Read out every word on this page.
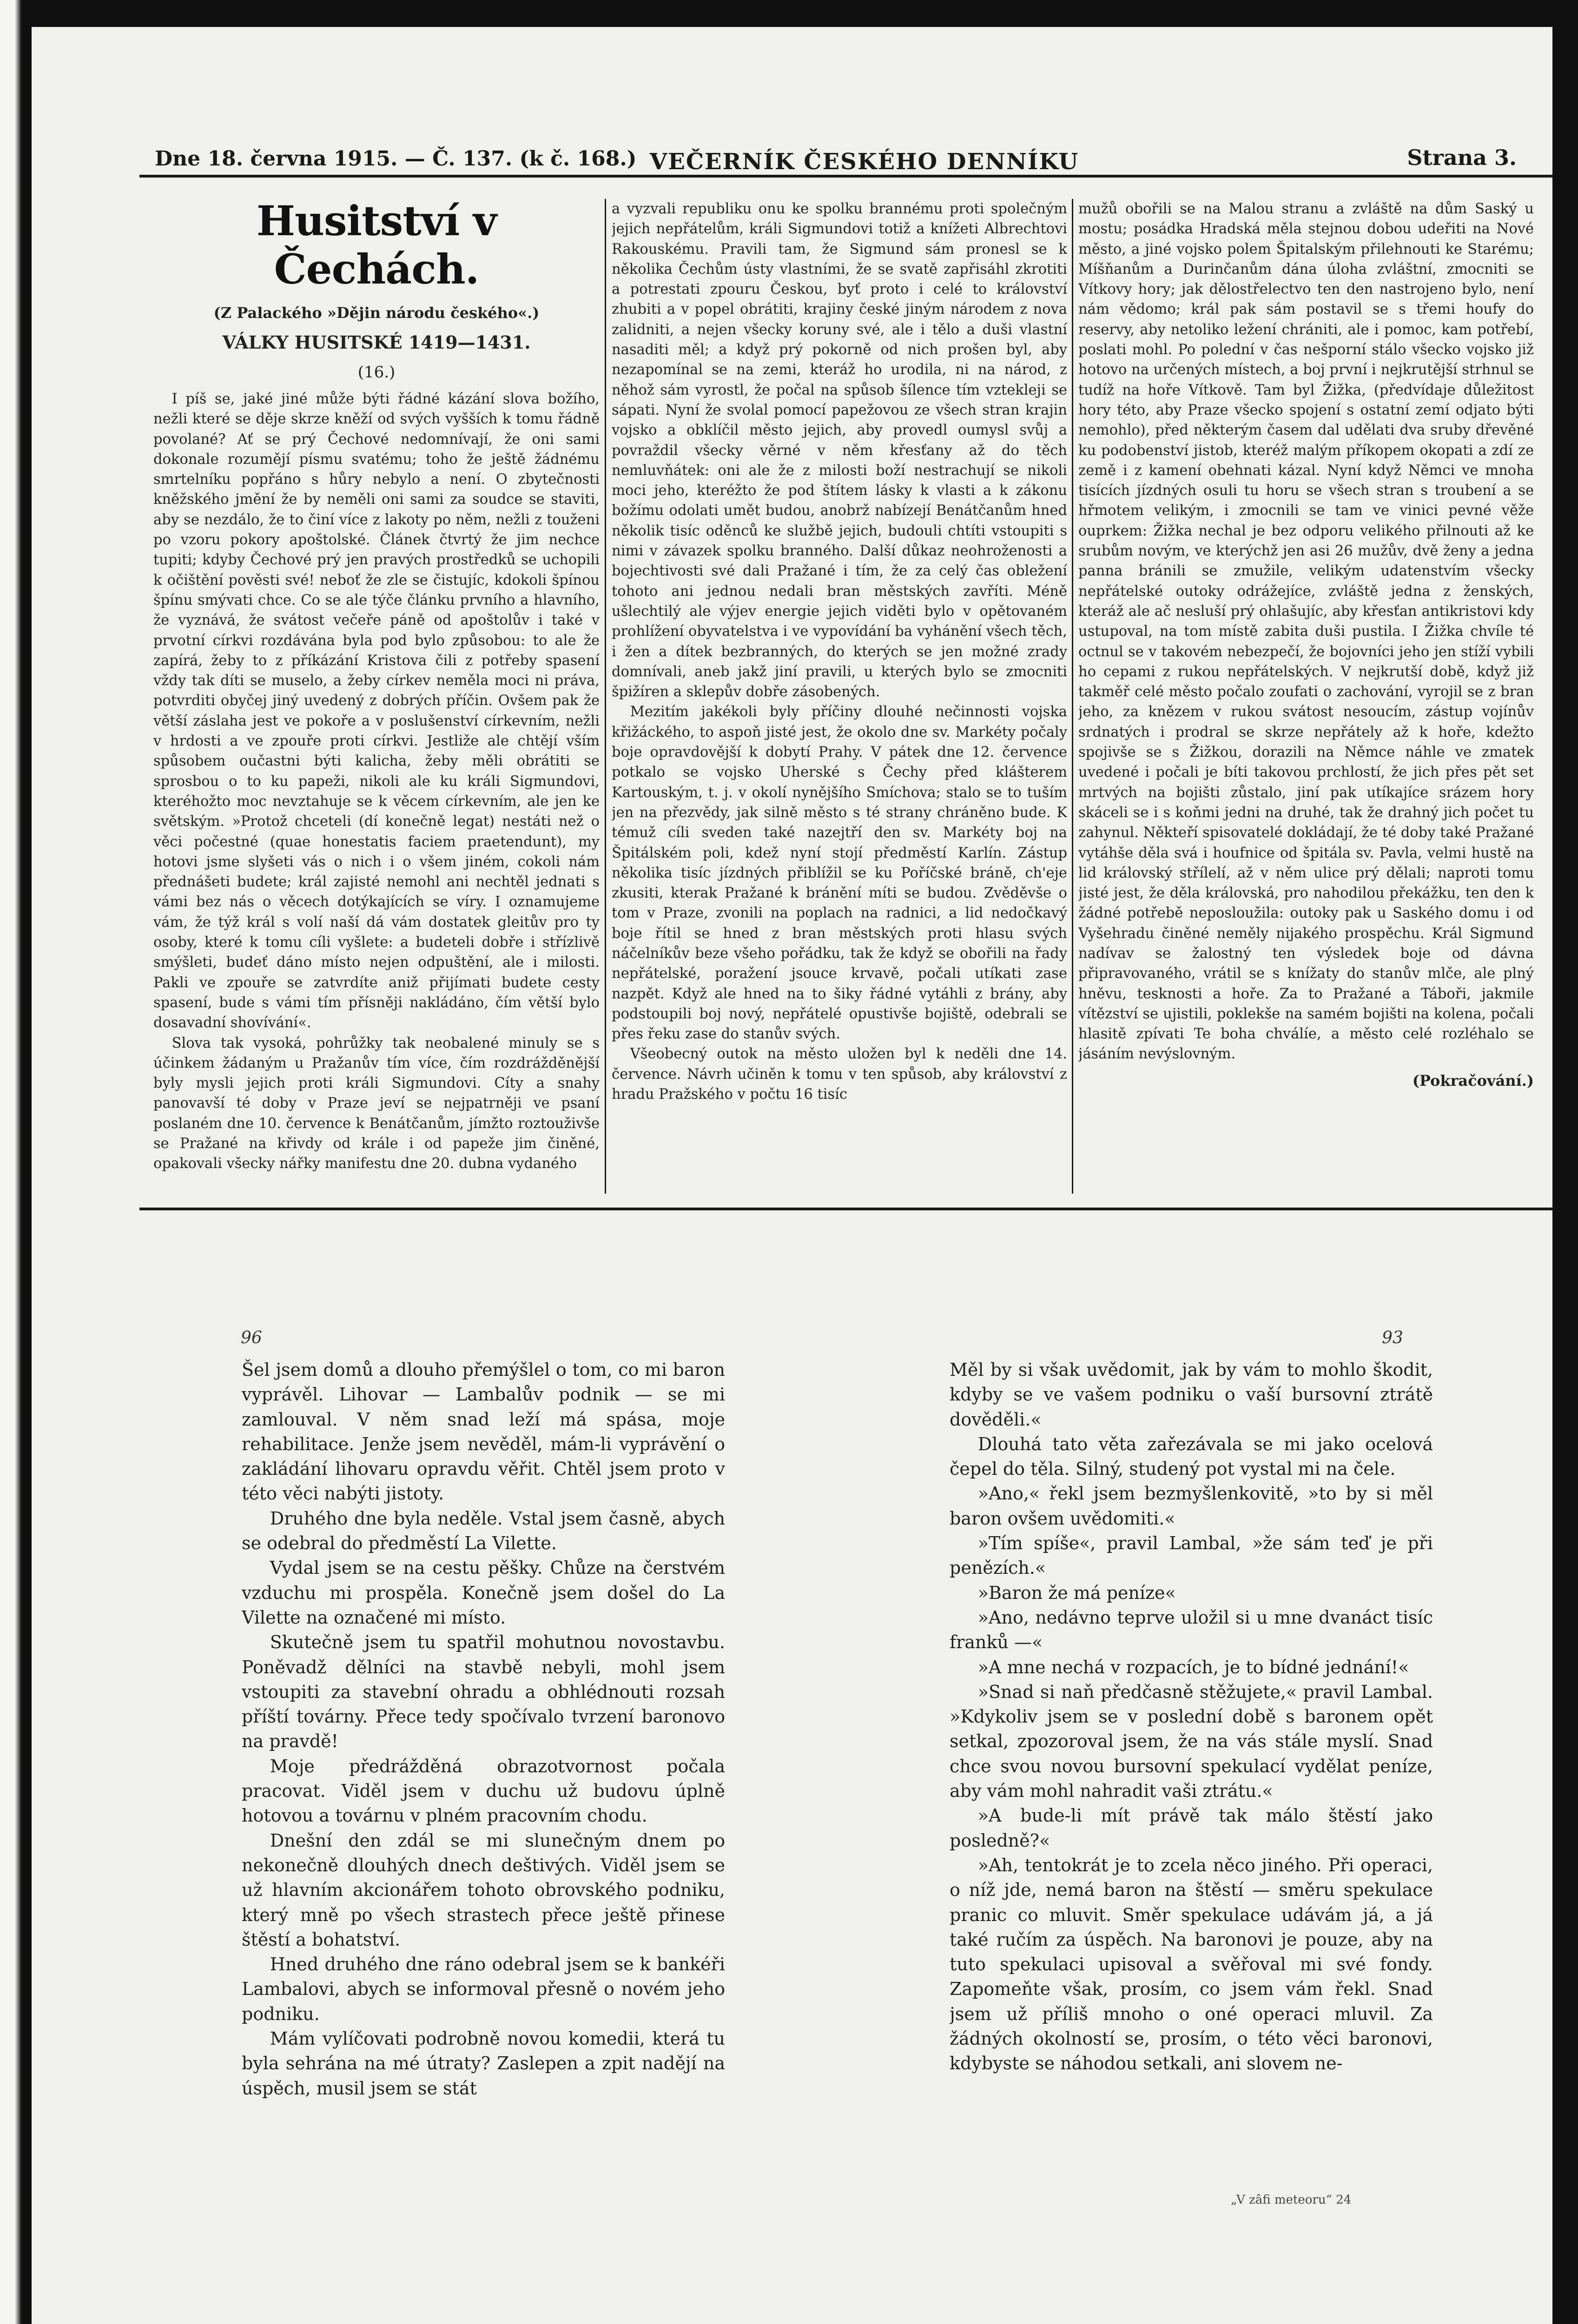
Dne 18. června 1915. — Č. 137. (k č. 168.) VEČERNÍK ČESKÉHO DENNÍKU	Strana 3.
Husitství v Čechách.
(Z Palackého »Dějin národu českého«.)
VÁLKY HUSITSKÉ 1419—1431.
(16.)

I píš se, jaké jiné může býti řádné kázání slova božího, nežli které se děje skrze kněží od svých vyšších k tomu řádně povolané? Ať se prý Čechové nedomnívají, že oni sami dokonale rozumějí písmu svatému; toho že ještě žádnému smrtelníku popřáno s hůry nebylo a není. O zbytečnosti kněžského jmění že by neměli oni sami za soudce se staviti, aby se nezdálo, že to činí více z lakoty po něm, nežli z touženi po vzoru pokory apoštolské. Článek čtvrtý že jim nechce tupiti; kdyby Čechové prý jen pravých prostředků se uchopili k očištění pověsti své! neboť že zle se čistujíc, kdokoli špínou špínu smývati chce. Co se ale týče článku prvního a hlavního, že vyznává, že svátost večeře páně od apoštolův i také v prvotní církvi rozdávána byla pod bylo způsobou: to ale že zapírá, žeby to z příkázání Kristova čili z potřeby spasení vždy tak díti se muselo, a žeby církev neměla moci ni práva, potvrditi obyčej jiný uvedený z dobrých příčin. Ovšem pak že větší záslaha jest ve pokoře a v poslušenství církevním, nežli v hrdosti a ve zpouře proti církvi. Jestliže ale chtějí vším spůsobem oučastni býti kalicha, žeby měli obrátiti se sprosbou o to ku papeži, nikoli ale ku králi Sigmundovi, kteréhožto moc nevztahuje se k věcem církevním, ale jen ke světským. »Protož chceteli (dí konečně legat) nestáti než o věci počestné (quae honestatis faciem praetendunt), my hotovi jsme slyšeti vás o nich i o všem jiném, cokoli nám přednášeti budete; král zajisté nemohl ani nechtěl jednati s vámi bez nás o věcech dotýkajících se víry. I oznamujeme vám, že týž král s volí naší dá vám dostatek gleitův pro ty osoby, které k tomu cíli vyšlete: a budeteli dobře i střízlivě smýšleti, budeť dáno místo nejen odpuštění, ale i milosti. Pakli ve zpouře se zatvrdíte aniž přijímati budete cesty spasení, bude s vámi tím přísněji nakládáno, čím větší bylo dosavadní shovívání«.

Slova tak vysoká, pohrůžky tak neobalené minuly se s účinkem žádaným u Pražanův tím více, čím rozdrážděnější byly mysli jejich proti králi Sigmundovi. Cíty a snahy panovavší té doby v Praze jeví se nejpatrněji ve psaní poslaném dne 10. července k Benátčanům, jímžto roztouživše se Pražané na křivdy od krále i od papeže jim činěné, opakovali všecky nářky manifestu dne 20. dubna vydaného

a vyzvali republiku onu ke spolku brannému proti společným jejich nepřátelům, králi Sigmundovi totiž a knížeti Albrechtovi Rakouskému. Pravili tam, že Sigmund sám pronesl se k několika Čechům ústy vlastními, že se svatě zapřisáhl zkrotiti a potrestati zpouru Českou, byť proto i celé to království zhubiti a v popel obrátiti, krajiny české jiným národem z nova zalidniti, a nejen všecky koruny své, ale i tělo a duši vlastní nasaditi měl; a když prý pokorně od nich prošen byl, aby nezapomínal se na zemi, kteráž ho urodila, ni na národ, z něhož sám vyrostl, že počal na spůsob šílence tím vztekleji se sápati. Nyní že svolal pomocí papežovou ze všech stran krajin vojsko a obklíčil město jejich, aby provedl oumysl svůj a povraždil všecky věrné v něm křesťany až do těch nemluvňátek: oni ale že z milosti boží nestrachují se nikoli moci jeho, kteréžto že pod štítem lásky k vlasti a k zákonu božímu odolati umět budou, anobrž nabízejí Benátčanům hned několik tisíc oděnců ke službě jejich, budouli chtíti vstoupiti s nimi v závazek spolku branného. Další důkaz neohroženosti a bojechtivosti své dali Pražané i tím, že za celý čas obležení tohoto ani jednou nedali bran městských zavříti. Méně ušlechtilý ale výjev energie jejich viděti bylo v opětovaném prohlížení obyvatelstva i ve vypovídání ba vyhánění všech těch, i žen a dítek bezbranných, do kterých se jen možné zrady domnívali, aneb jakž jiní pravili, u kterých bylo se zmocniti špižíren a sklepův dobře zásobených.

Mezitím jakékoli byly příčiny dlouhé nečinnosti vojska křižáckého, to aspoň jisté jest, že okolo dne sv. Markéty počaly boje opravdovější k dobytí Prahy. V pátek dne 12. července potkalo se vojsko Uherské s Čechy před klášterem Kartouským, t. j. v okolí nynějšího Smíchova; stalo se to tuším jen na přezvědy, jak silně město s té strany chráněno bude. K témuž cíli sveden také nazejtří den sv. Markéty boj na Špitálském poli, kdež nyní stojí předměstí Karlín. Zástup několika tisíc jízdných přiblížil se ku Poříčské bráně, ch'eje zkusiti, kterak Pražané k bránění míti se budou. Zvěděvše o tom v Praze, zvonili na poplach na radnici, a lid nedočkavý boje řítil se hned z bran městských proti hlasu svých náčelníkův beze všeho pořádku, tak že když se obořili na řady nepřátelské, poražení jsouce krvavě, počali utíkati zase nazpět. Když ale hned na to šiky řádné vytáhli z brány, aby podstoupili boj nový, nepřátelé opustivše bojiště, odebrali se přes řeku zase do stanův svých.

Všeobecný outok na město uložen byl k neděli dne 14. července. Návrh učiněn k tomu v ten spůsob, aby království z hradu Pražského v počtu 16 tisíc

mužů obořili se na Malou stranu a zvláště na dům Saský u mostu; posádka Hradská měla stejnou dobou udeřiti na Nové město, a jiné vojsko polem Špitalským přilehnouti ke Starému; Míšňanům a Durinčanům dána úloha zvláštní, zmocniti se Vítkovy hory; jak dělostřelectvo ten den nastrojeno bylo, není nám vědomo; král pak sám postavil se s třemi houfy do reservy, aby netoliko ležení chrániti, ale i pomoc, kam potřebí, poslati mohl. Po polední v čas nešporní stálo všecko vojsko již hotovo na určených místech, a boj první i nejkrutější strhnul se tudíž na hoře Vítkově. Tam byl Žižka, (předvídaje důležitost hory této, aby Praze všecko spojení s ostatní zemí odjato býti nemohlo), před některým časem dal udělati dva sruby dřevěné ku podobenství jistob, kteréž malým příkopem okopati a zdí ze země i z kamení obehnati kázal. Nyní když Němci ve mnoha tisících jízdných osuli tu horu se všech stran s troubení a se hřmotem velikým, i zmocnili se tam ve vinici pevné věže ouprkem: Žižka nechal je bez odporu velikého přilnouti až ke srubům novým, ve kterýchž jen asi 26 mužův, dvě ženy a jedna panna bránili se zmužile, velikým udatenstvím všecky nepřátelské outoky odrážejíce, zvláště jedna z ženských, kteráž ale ač nesluší prý ohlašujíc, aby křesťan antikristovi kdy ustupoval, na tom místě zabita duši pustila. I Žižka chvíle té octnul se v takovém nebezpečí, že bojovníci jeho jen stíží vybili ho cepami z rukou nepřátelských. V nejkrutší době, když již takměř celé město počalo zoufati o zachování, vyrojil se z bran jeho, za knězem v rukou svátost nesoucím, zástup vojínův srdnatých i prodral se skrze nepřátely až k hoře, kdežto spojivše se s Žižkou, dorazili na Němce náhle ve zmatek uvedené i počali je bíti takovou prchlostí, že jich přes pět set mrtvých na bojišti zůstalo, jiní pak utíkajíce srázem hory skáceli se i s koňmi jedni na druhé, tak že drahný jich počet tu zahynul. Někteří spisovatelé dokládají, že té doby také Pražané vytáhše děla svá i houfnice od špitála sv. Pavla, velmi hustě na lid královský střílelí, až v něm ulice prý dělali; naproti tomu jisté jest, že děla královská, pro nahodilou překážku, ten den k žádné potřebě neposloužila: outoky pak u Saského domu i od Vyšehradu činěné neměly nijakého prospěchu. Král Sigmund nadívav se žalostný ten výsledek boje od dávna připravovaného, vrátil se s knížaty do stanův mlče, ale plný hněvu, tesknosti a hoře. Za to Pražané a Táboři, jakmile vítězství se ujistili, poklekše na samém bojišti na kolena, počali hlasitě zpívati Te boha chválíe, a město celé rozléhalo se jásáním nevýslovným.

(Pokračování.)
96	93

Šel jsem domů a dlouho přemýšlel o tom, co mi baron vyprávěl. Lihovar — Lambalův podnik — se mi zamlouval. V něm snad leží má spása, moje rehabilitace. Jenže jsem nevěděl, mám-li vyprávění o zakládání lihovaru opravdu věřit. Chtěl jsem proto v této věci nabýti jistoty.

Druhého dne byla neděle. Vstal jsem časně, abych se odebral do předměstí La Vilette.

Vydal jsem se na cestu pěšky. Chůze na čerstvém vzduchu mi prospěla. Konečně jsem došel do La Vilette na označené mi místo.

Skutečně jsem tu spatřil mohutnou novostavbu. Poněvadž dělníci na stavbě nebyli, mohl jsem vstoupiti za stavební ohradu a obhlédnouti rozsah příští továrny. Přece tedy spočívalo tvrzení baronovo na pravdě!

Moje předrážděná obrazotvornost počala pracovat. Viděl jsem v duchu už budovu úplně hotovou a továrnu v plném pracovním chodu.

Dnešní den zdál se mi slunečným dnem po nekonečně dlouhých dnech deštivých. Viděl jsem se už hlavním akcionářem tohoto obrovského podniku, který mně po všech strastech přece ještě přinese štěstí a bohatství.

Hned druhého dne ráno odebral jsem se k bankéři Lambalovi, abych se informoval přesně o novém jeho podniku.

Mám vylíčovati podrobně novou komedii, která tu byla sehrána na mé útraty? Zaslepen a zpit nadějí na úspěch, musil jsem se stát

Měl by si však uvědomit, jak by vám to mohlo škodit, kdyby se ve vašem podniku o vaší bursovní ztrátě dověděli.«

Dlouhá tato věta zařezávala se mi jako ocelová čepel do těla. Silný, studený pot vystal mi na čele.

»Ano,« řekl jsem bezmyšlenkovitě, »to by si měl baron ovšem uvědomiti.«

»Tím spíše«, pravil Lambal, »že sám teď je při penězích.«

»Baron že má peníze«

»Ano, nedávno teprve uložil si u mne dvanáct tisíc franků —«

»A mne nechá v rozpacích, je to bídné jednání!«

»Snad si naň předčasně stěžujete,« pravil Lambal. »Kdykoliv jsem se v poslední době s baronem opět setkal, zpozoroval jsem, že na vás stále myslí. Snad chce svou novou bursovní spekulací vydělat peníze, aby vám mohl nahradit vaši ztrátu.«

»A bude-li mít právě tak málo štěstí jako posledně?«

»Ah, tentokrát je to zcela něco jiného. Při operaci, o níž jde, nemá baron na štěstí — směru spekulace pranic co mluvit. Směr spekulace udávám já, a já také ručím za úspěch. Na baronovi je pouze, aby na tuto spekulaci upisoval a svěřoval mi své fondy. Zapomeňte však, prosím, co jsem vám řekl. Snad jsem už příliš mnoho o oné operaci mluvil. Za žádných okolností se, prosím, o této věci baronovi, kdybyste se náhodou setkali, ani slovem ne-

„V zâfi meteoru“ 24
